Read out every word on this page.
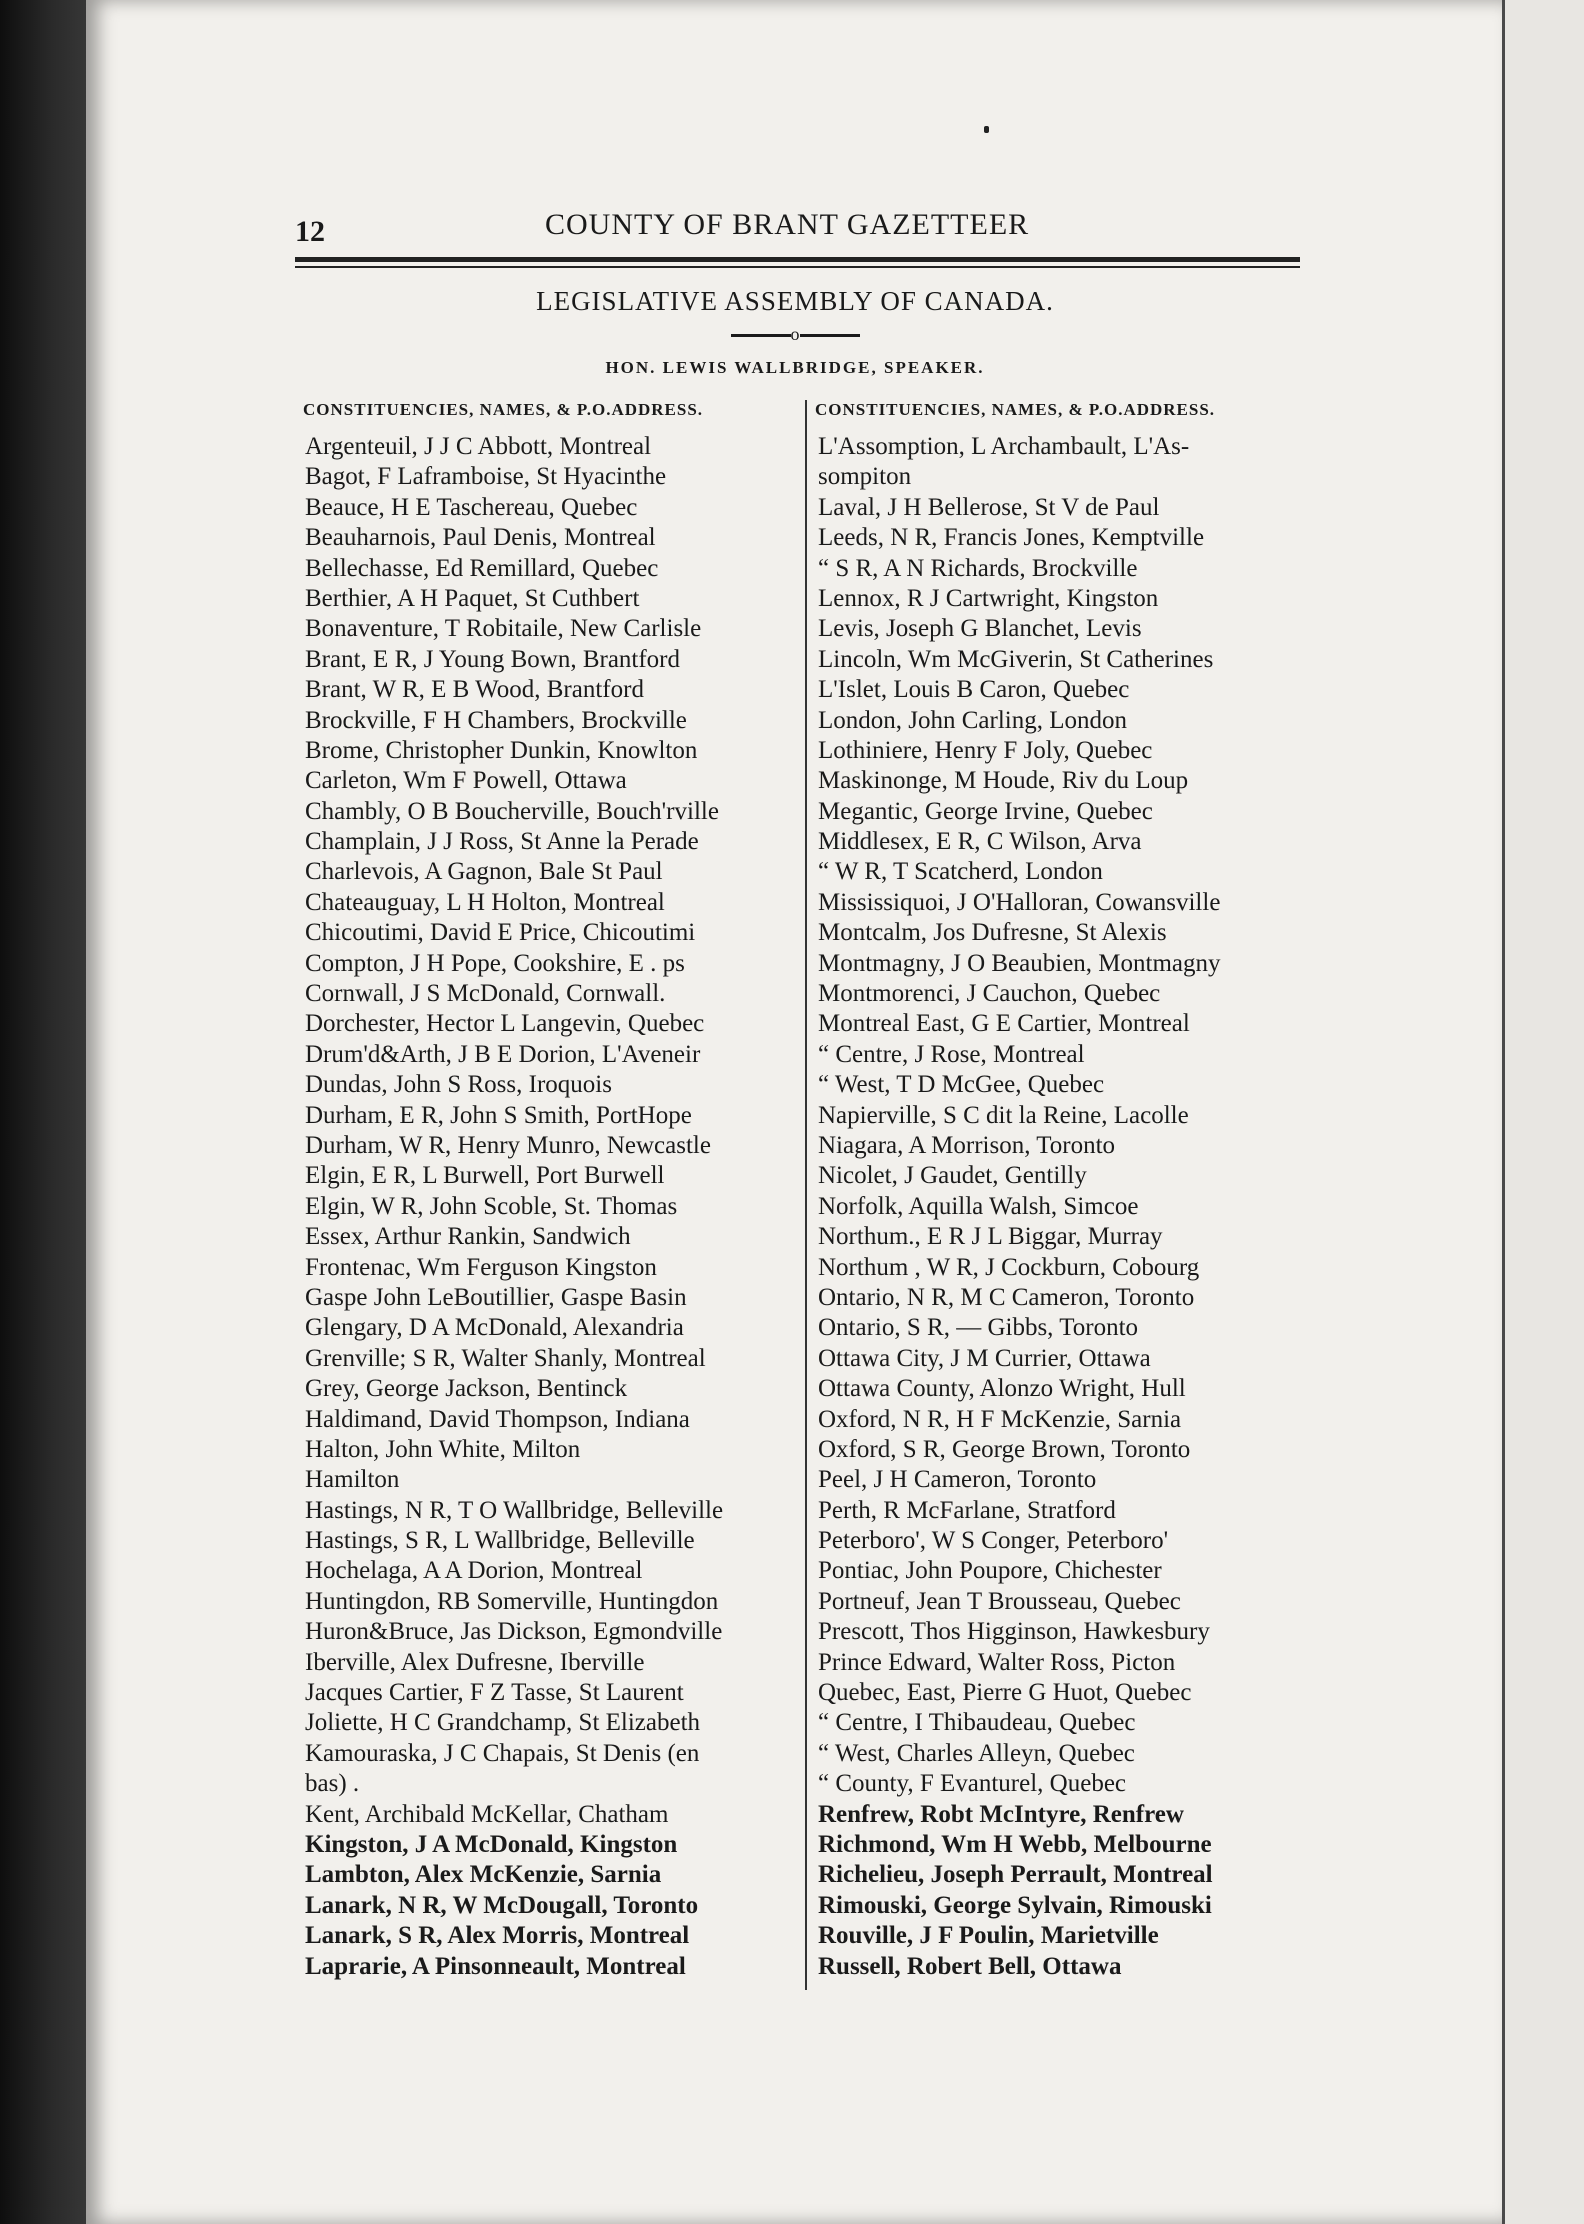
12	COUNTY OF BRANT GAZETTEER
LEGISLATIVE ASSEMBLY OF CANADA.
o
HON. LEWIS WALLBRIDGE, SPEAKER.
CONSTITUENCIES, NAMES, & P.O.ADDRESS.	CONSTITUENCIES, NAMES, & P.O.ADDRESS.
Argenteuil, J J C Abbott, Montreal
Bagot, F Laframboise, St Hyacinthe
Beauce, H E Taschereau, Quebec
Beauharnois, Paul Denis, Montreal
Bellechasse, Ed Remillard, Quebec
Berthier, A H Paquet, St Cuthbert
Bonaventure, T Robitaile, New Carlisle
Brant, E R, J Young Bown, Brantford
Brant, W R, E B Wood, Brantford
Brockville, F H Chambers, Brockville
Brome, Christopher Dunkin, Knowlton
Carleton, Wm F Powell, Ottawa
Chambly, O B Boucherville, Bouch'rville
Champlain, J J Ross, St Anne la Perade
Charlevois, A Gagnon, Bale St Paul
Chateauguay, L H Holton, Montreal
Chicoutimi, David E Price, Chicoutimi
Compton, J H Pope, Cookshire, E . ps
Cornwall, J S McDonald, Cornwall.
Dorchester, Hector L Langevin, Quebec
Drum'd&Arth, J B E Dorion, L'Aveneir
Dundas, John S Ross, Iroquois
Durham, E R, John S Smith, PortHope
Durham, W R, Henry Munro, Newcastle
Elgin, E R, L Burwell, Port Burwell
Elgin, W R, John Scoble, St. Thomas
Essex, Arthur Rankin, Sandwich
Frontenac, Wm Ferguson Kingston
Gaspe John LeBoutillier, Gaspe Basin
Glengary, D A McDonald, Alexandria
Grenville; S R, Walter Shanly, Montreal
Grey, George Jackson, Bentinck
Haldimand, David Thompson, Indiana
Halton, John White, Milton
Hamilton
Hastings, N R, T O Wallbridge, Belleville
Hastings, S R, L Wallbridge, Belleville
Hochelaga, A A Dorion, Montreal
Huntingdon, RB Somerville, Huntingdon
Huron&Bruce, Jas Dickson, Egmondville
Iberville, Alex Dufresne, Iberville
Jacques Cartier, F Z Tasse, St Laurent
Joliette, H C Grandchamp, St Elizabeth
Kamouraska, J C Chapais, St Denis (en
bas) .
Kent, Archibald McKellar, Chatham
Kingston, J A McDonald, Kingston
Lambton, Alex McKenzie, Sarnia
Lanark, N R, W McDougall, Toronto
Lanark, S R, Alex Morris, Montreal
Laprarie, A Pinsonneault, Montreal
L'Assomption, L Archambault, L'As-
sompiton
Laval, J H Bellerose, St V de Paul
Leeds, N R, Francis Jones, Kemptville
“ S R, A N Richards, Brockville
Lennox, R J Cartwright, Kingston
Levis, Joseph G Blanchet, Levis
Lincoln, Wm McGiverin, St Catherines
L'Islet, Louis B Caron, Quebec
London, John Carling, London
Lothiniere, Henry F Joly, Quebec
Maskinonge, M Houde, Riv du Loup
Megantic, George Irvine, Quebec
Middlesex, E R, C Wilson, Arva
“ W R, T Scatcherd, London
Mississiquoi, J O'Halloran, Cowansville
Montcalm, Jos Dufresne, St Alexis
Montmagny, J O Beaubien, Montmagny
Montmorenci, J Cauchon, Quebec
Montreal East, G E Cartier, Montreal
“ Centre, J Rose, Montreal
“ West, T D McGee, Quebec
Napierville, S C dit la Reine, Lacolle
Niagara, A Morrison, Toronto
Nicolet, J Gaudet, Gentilly
Norfolk, Aquilla Walsh, Simcoe
Northum., E R J L Biggar, Murray
Northum , W R, J Cockburn, Cobourg
Ontario, N R, M C Cameron, Toronto
Ontario, S R, — Gibbs, Toronto
Ottawa City, J M Currier, Ottawa
Ottawa County, Alonzo Wright, Hull
Oxford, N R, H F McKenzie, Sarnia
Oxford, S R, George Brown, Toronto
Peel, J H Cameron, Toronto
Perth, R McFarlane, Stratford
Peterboro', W S Conger, Peterboro'
Pontiac, John Poupore, Chichester
Portneuf, Jean T Brousseau, Quebec
Prescott, Thos Higginson, Hawkesbury
Prince Edward, Walter Ross, Picton
Quebec, East, Pierre G Huot, Quebec
“ Centre, I Thibaudeau, Quebec
“ West, Charles Alleyn, Quebec
“ County, F Evanturel, Quebec
Renfrew, Robt McIntyre, Renfrew
Richmond, Wm H Webb, Melbourne
Richelieu, Joseph Perrault, Montreal
Rimouski, George Sylvain, Rimouski
Rouville, J F Poulin, Marietville
Russell, Robert Bell, Ottawa
